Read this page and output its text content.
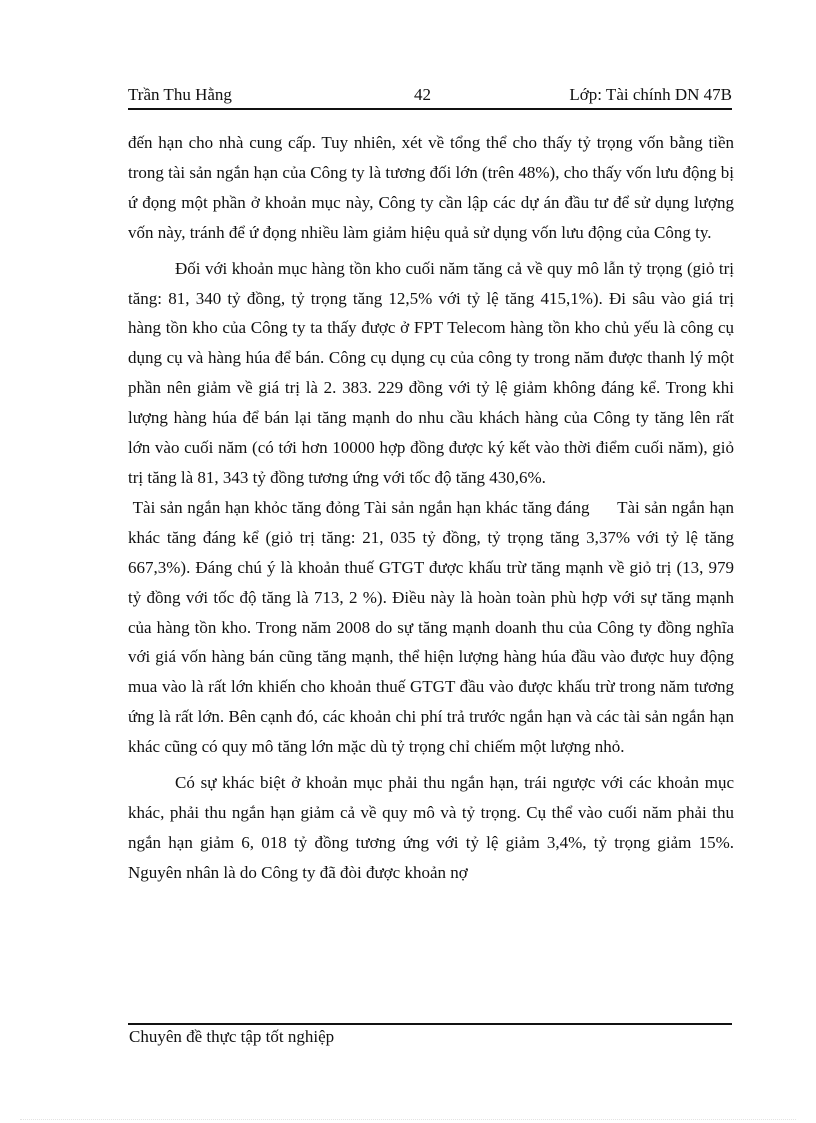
Trần Thu Hằng	42	Lớp: Tài chính DN 47B

đến hạn cho nhà cung cấp. Tuy nhiên, xét về tổng thể cho thấy tỷ trọng vốn bằng tiền trong tài sản ngắn hạn của Công ty là tương đối lớn (trên 48%), cho thấy vốn lưu động bị ứ đọng một phần ở khoản mục này, Công ty cần lập các dự án đầu tư để sử dụng lượng vốn này, tránh để ứ đọng nhiều làm giảm hiệu quả sử dụng vốn lưu động của Công ty.

Đối với khoản mục hàng tồn kho cuối năm tăng cả về quy mô lẫn tỷ trọng (giỏ trị tăng: 81, 340 tỷ đồng, tỷ trọng tăng 12,5% với tỷ lệ tăng 415,1%). Đi sâu vào giá trị hàng tồn kho của Công ty ta thấy được ở FPT Telecom hàng tồn kho chủ yếu là công cụ dụng cụ và hàng húa để bán. Công cụ dụng cụ của công ty trong năm được thanh lý một phần nên giảm về giá trị là 2. 383. 229 đồng với tỷ lệ giảm không đáng kể. Trong khi lượng hàng húa để bán lại tăng mạnh do nhu cầu khách hàng của Công ty tăng lên rất lớn vào cuối năm (có tới hơn 10000 hợp đồng được ký kết vào thời điểm cuối năm), giỏ trị tăng là 81, 343 tỷ đồng tương ứng với tốc độ tăng 430,6%.

Tài sản ngắn hạn khỏc tăng đỏng Tài sản ngắn hạn khác tăng đáng      Tài sản ngắn hạn khác tăng đáng kể (giỏ trị tăng: 21, 035 tỷ đồng, tỷ trọng tăng 3,37% với tỷ lệ tăng 667,3%). Đáng chú ý là khoản thuế GTGT được khấu trừ tăng mạnh về giỏ trị (13, 979 tỷ đồng với tốc độ tăng là 713, 2 %). Điều này là hoàn toàn phù hợp với sự tăng mạnh của hàng tồn kho. Trong năm 2008 do sự tăng mạnh doanh thu của Công ty đồng nghĩa với giá vốn hàng bán cũng tăng mạnh, thể hiện lượng hàng húa đầu vào được huy động mua vào là rất lớn khiến cho khoản thuế GTGT đầu vào được khấu trừ trong năm tương ứng là rất lớn. Bên cạnh đó, các khoản chi phí trả trước ngắn hạn và các tài sản ngắn hạn khác cũng có quy mô tăng lớn mặc dù tỷ trọng chỉ chiếm một lượng nhỏ.

Có sự khác biệt ở khoản mục phải thu ngắn hạn, trái ngược với các khoản mục khác, phải thu ngắn hạn giảm cả về quy mô và tỷ trọng. Cụ thể vào cuối năm phải thu ngắn hạn giảm 6, 018 tỷ đồng tương ứng với tỷ lệ giảm 3,4%, tỷ trọng giảm 15%. Nguyên nhân là do Công ty đã đòi được khoản nợ

Chuyên đề thực tập tốt nghiệp
